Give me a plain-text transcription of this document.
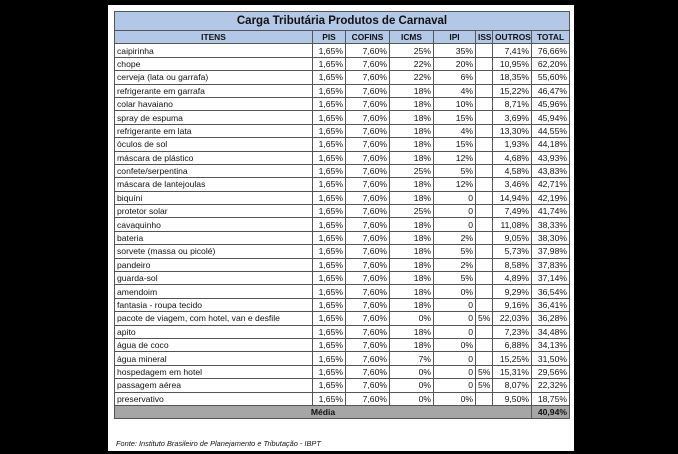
Carga Tributária Produtos de Carnaval							
ITENS	PIS	COFINS	ICMS	IPI	ISS	OUTROS	TOTAL
caipirinha	1,65%	7,60%	25%	35%		7,41%	76,66%
chope	1,65%	7,60%	22%	20%		10,95%	62,20%
cerveja (lata ou garrafa)	1,65%	7,60%	22%	6%		18,35%	55,60%
refrigerante em garrafa	1,65%	7,60%	18%	4%		15,22%	46,47%
colar havaiano	1,65%	7,60%	18%	10%		8,71%	45,96%
spray de espuma	1,65%	7,60%	18%	15%		3,69%	45,94%
refrigerante em lata	1,65%	7,60%	18%	4%		13,30%	44,55%
óculos de sol	1,65%	7,60%	18%	15%		1,93%	44,18%
máscara de plástico	1,65%	7,60%	18%	12%		4,68%	43,93%
confete/serpentina	1,65%	7,60%	25%	5%		4,58%	43,83%
máscara de lantejoulas	1,65%	7,60%	18%	12%		3,46%	42,71%
biquíni	1,65%	7,60%	18%	0		14,94%	42,19%
protetor solar	1,65%	7,60%	25%	0		7,49%	41,74%
cavaquinho	1,65%	7,60%	18%	0		11,08%	38,33%
bateria	1,65%	7,60%	18%	2%		9,05%	38,30%
sorvete (massa ou picolé)	1,65%	7,60%	18%	5%		5,73%	37,98%
pandeiro	1,65%	7,60%	18%	2%		8,58%	37,83%
guarda-sol	1,65%	7,60%	18%	5%		4,89%	37,14%
amendoim	1,65%	7,60%	18%	0%		9,29%	36,54%
fantasia - roupa tecido	1,65%	7,60%	18%	0		9,16%	36,41%
pacote de viagem, com hotel, van e desfile	1,65%	7,60%	0%	0	5%	22,03%	36,28%
apito	1,65%	7,60%	18%	0		7,23%	34,48%
água de coco	1,65%	7,60%	18%	0%		6,88%	34,13%
água mineral	1,65%	7,60%	7%	0		15,25%	31,50%
hospedagem em hotel	1,65%	7,60%	0%	0	5%	15,31%	29,56%
passagem aérea	1,65%	7,60%	0%	0	5%	8,07%	22,32%
preservativo	1,65%	7,60%	0%	0%		9,50%	18,75%
Média							40,94%
Fonte: Instituto Brasileiro de Planejamento e Tributação - IBPT
